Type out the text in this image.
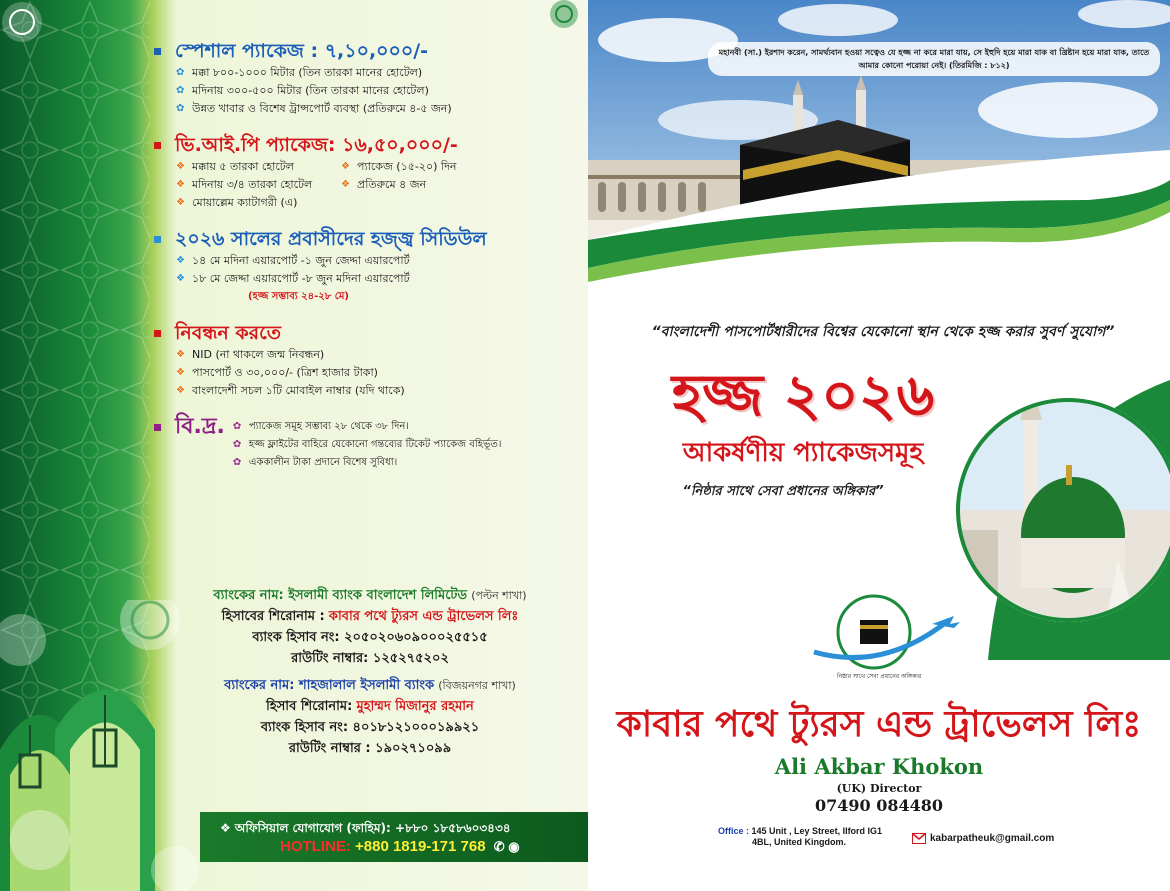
স্পেশাল প্যাকেজ : ৭,১০,০০০/-
✿ মক্কা ৮০০-১০০০ মিটার (তিন তারকা মানের হোটেল)
✿ মদিনায় ৩০০-৫০০ মিটার (তিন তারকা মানের হোটেল)
✿ উন্নত খাবার ও বিশেষ ট্রান্সপোর্ট ব্যবস্থা (প্রতিরুমে ৪-৫ জন)
ভি.আই.পি প্যাকেজ: ১৬,৫০,০০০/-
❖ মক্কায় ৫ তারকা হোটেল
❖ মদিনায় ৩/৪ তারকা হোটেল
❖ মোয়াল্লেম ক্যাটাগরী (এ)
❖ প্যাকেজ (১৫-২০) দিন
❖ প্রতিরুমে ৪ জন
২০২৬ সালের প্রবাসীদের হজ্জ্ব সিডিউল
❖ ১৪ মে মদিনা এয়ারপোর্ট -১ জুন জেদ্দা এয়ারপোর্ট
❖ ১৮ মে জেদ্দা এয়ারপোর্ট -৮ জুন মদিনা এয়ারপোর্ট
(হজ্জ সম্ভাব্য ২৪-২৮ মে)
নিবন্ধন করতে
❖ NID (না থাকলে জন্ম নিবন্ধন)
❖ পাসপোর্ট ও ৩০,০০০/- (ত্রিশ হাজার টাকা)
❖ বাংলাদেশী সচল ১টি মোবাইল নাম্বার (যদি থাকে)
বি.দ্র. ✿ প্যাকেজ সমূহ সম্ভাব্য ২৮ থেকে ৩৮ দিন।
✿ হজ্জ ফ্লাইটের বাহিরে যেকোনো গন্তব্যের টিকেট প্যাকেজ বহির্ভূত।
✿ এককালীন টাকা প্রদানে বিশেষ সুবিধা।
ব্যাংকের নাম: ইসলামী ব্যাংক বাংলাদেশ লিমিটেড (পল্টন শাখা)
হিসাবের শিরোনাম : কাবার পথে ট্যুরস এন্ড ট্রাভেলস লিঃ
ব্যাংক হিসাব নং: ২০৫০২০৬০৯০০০২৫৫১৫
রাউটিং নাম্বার: ১২৫২৭৫২০২
ব্যাংকের নাম: শাহজালাল ইসলামী ব্যাংক (বিজয়নগর শাখা)
হিসাব শিরোনাম: মুহাম্মদ মিজানুর রহমান
ব্যাংক হিসাব নং: ৪০১৮১২১০০০১৯৯২১
রাউটিং নাম্বার : ১৯০২৭১০৯৯
❖ অফিসিয়াল যোগাযোগ (ফাহিম): +৮৮০ ১৮৫৮৬০৩৪৩৪
HOTLINE: +880 1819-171 768 ✆ ◉
মহানবী (সা.) ইরশাদ করেন, সামর্থ্যবান হওয়া সত্বেও যে হজ্জ না করে মারা যায়, সে ইহুদি হয়ে মারা যাক বা খ্রিষ্টান হয়ে মারা যাক, তাতে আমার কোনো পরোয়া নেই। (তিরমিজি : ৮১২)
“বাংলাদেশী পাসপোর্টধারীদের বিশ্বের যেকোনো স্থান থেকে হজ্জ করার সুবর্ণ সুযোগ”
হজ্জ ২০২৬
আকর্ষণীয় প্যাকেজসমূহ
“নিষ্ঠার সাথে সেবা প্রধানের অঙ্গিকার”
নিষ্ঠার সাথে সেবা প্রধানের অঙ্গিকার
কাবার পথে ট্যুরস এন্ড ট্রাভেলস লিঃ
Ali Akbar Khokon
(UK) Director
07490 084480
Office : 145 Unit , Ley Street, Ilford IG1
4BL, United Kingdom.	kabarpatheuk@gmail.com
